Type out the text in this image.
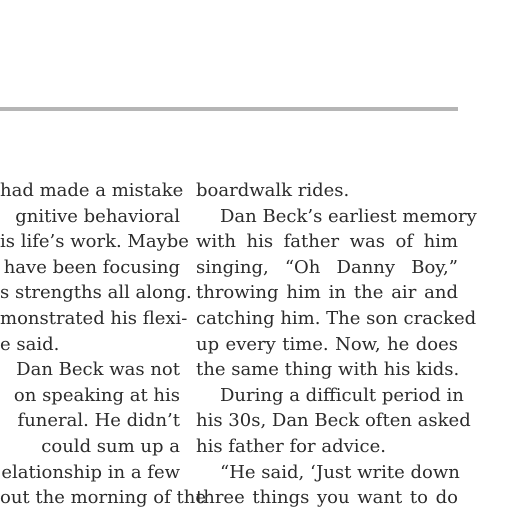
had made a mistake
gnitive behavioral
is life’s work. Maybe
have been focusing
s strengths all along.
monstrated his flexi-
e said.
Dan Beck was not
on speaking at his
funeral. He didn’t
could sum up a
elationship in a few
out the morning of the
boardwalk rides.
Dan Beck’s earliest memory
with his father was of him
singing, “Oh Danny Boy,”
throwing him in the air and
catching him. The son cracked
up every time. Now, he does
the same thing with his kids.
During a difficult period in
his 30s, Dan Beck often asked
his father for advice.
“He said, ‘Just write down
three things you want to do
